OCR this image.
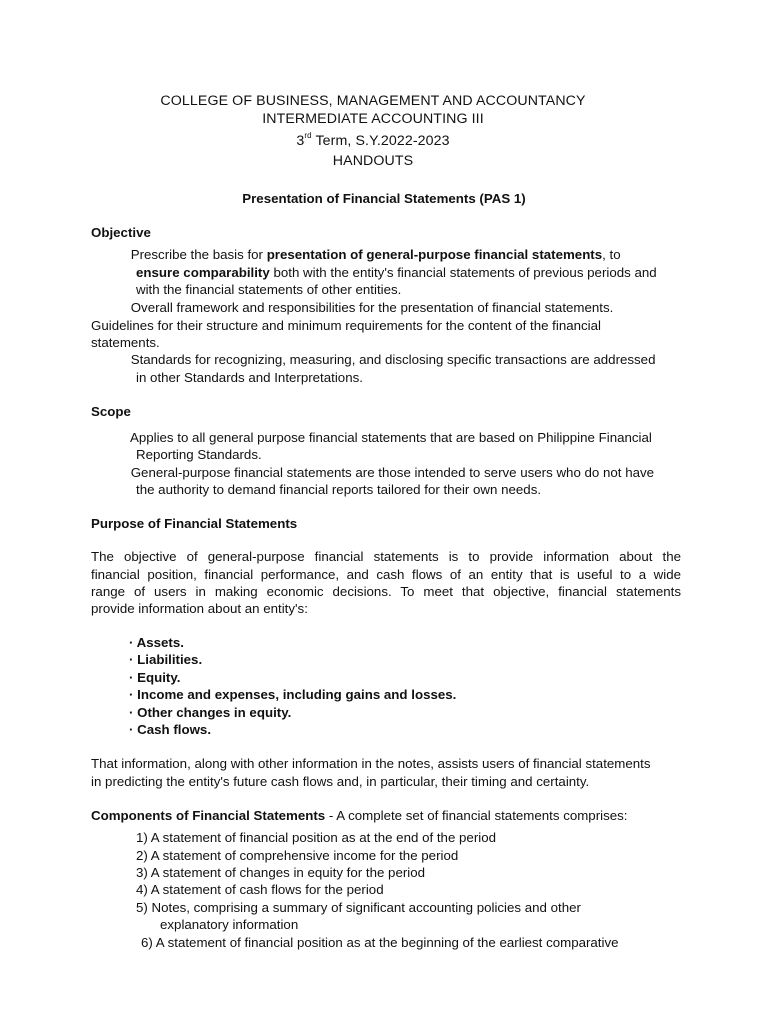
COLLEGE OF BUSINESS, MANAGEMENT AND ACCOUNTANCY
INTERMEDIATE ACCOUNTING III
3rd Term, S.Y.2022-2023
HANDOUTS
Presentation of Financial Statements (PAS 1)
Objective
Prescribe the basis for presentation of general-purpose financial statements, to
ensure comparability both with the entity's financial statements of previous periods and
with the financial statements of other entities.
Overall framework and responsibilities for the presentation of financial statements.
Guidelines for their structure and minimum requirements for the content of the financial
statements.
Standards for recognizing, measuring, and disclosing specific transactions are addressed
in other Standards and Interpretations.
Scope
Applies to all general purpose financial statements that are based on Philippine Financial
Reporting Standards.
General-purpose financial statements are those intended to serve users who do not have
the authority to demand financial reports tailored for their own needs.
Purpose of Financial Statements
The objective of general-purpose financial statements is to provide information about the
financial position, financial performance, and cash flows of an entity that is useful to a wide
range of users in making economic decisions. To meet that objective, financial statements
provide information about an entity's:
· Assets.
· Liabilities.
· Equity.
· Income and expenses, including gains and losses.
· Other changes in equity.
· Cash flows.
That information, along with other information in the notes, assists users of financial statements
in predicting the entity's future cash flows and, in particular, their timing and certainty.
Components of Financial Statements - A complete set of financial statements comprises:
1) A statement of financial position as at the end of the period
2) A statement of comprehensive income for the period
3) A statement of changes in equity for the period
4) A statement of cash flows for the period
5) Notes, comprising a summary of significant accounting policies and other
explanatory information
6) A statement of financial position as at the beginning of the earliest comparative
